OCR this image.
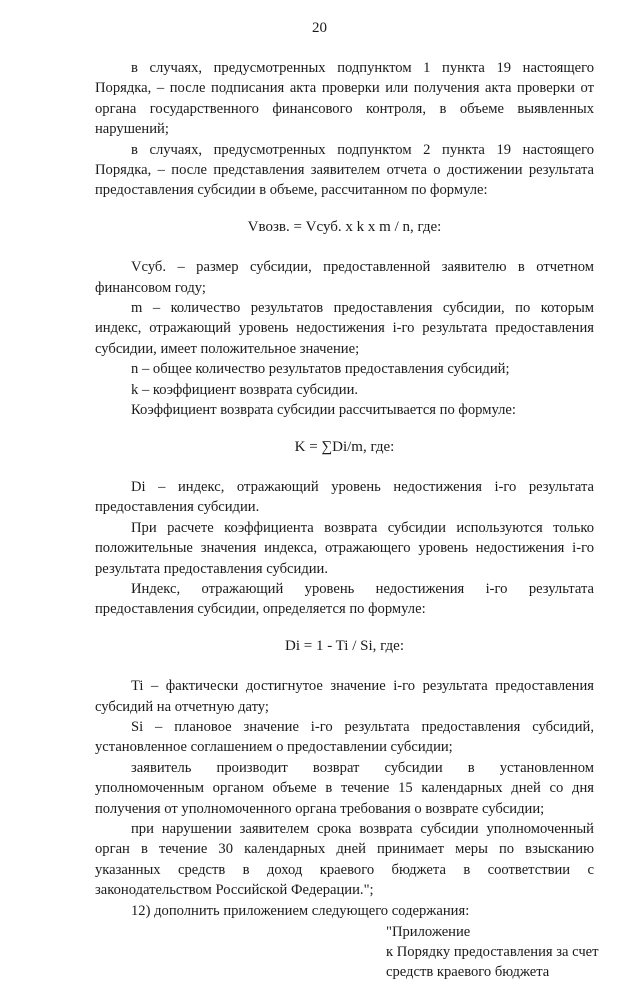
20

в случаях, предусмотренных подпунктом 1 пункта 19 настоящего Порядка, – после подписания акта проверки или получения акта проверки от органа государственного финансового контроля, в объеме выявленных нарушений;

в случаях, предусмотренных подпунктом 2 пункта 19 настоящего Порядка, – после представления заявителем отчета о достижении результата предоставления субсидии в объеме, рассчитанном по формуле:

Vвозв. = Vсуб. x k x m / n, где:

Vсуб. – размер субсидии, предоставленной заявителю в отчетном финансовом году;

m – количество результатов предоставления субсидии, по которым индекс, отражающий уровень недостижения i-го результата предоставления субсидии, имеет положительное значение;

n – общее количество результатов предоставления субсидий;

k – коэффициент возврата субсидии.

Коэффициент возврата субсидии рассчитывается по формуле:

K = ∑Di/m, где:

Di – индекс, отражающий уровень недостижения i-го результата предоставления субсидии.

При расчете коэффициента возврата субсидии используются только положительные значения индекса, отражающего уровень недостижения i-го результата предоставления субсидии.

Индекс, отражающий уровень недостижения i-го результата предоставления субсидии, определяется по формуле:

Di = 1 - Ti / Si, где:

Ti – фактически достигнутое значение i-го результата предоставления субсидий на отчетную дату;

Si – плановое значение i-го результата предоставления субсидий, установленное соглашением о предоставлении субсидии;

заявитель производит возврат субсидии в установленном уполномоченным органом объеме в течение 15 календарных дней со дня получения от уполномоченного органа требования о возврате субсидии;

при нарушении заявителем срока возврата субсидии уполномоченный орган в течение 30 календарных дней принимает меры по взысканию указанных средств в доход краевого бюджета в соответствии с законодательством Российской Федерации.";

12) дополнить приложением следующего содержания:

"Приложение
к Порядку предоставления за счет
средств краевого бюджета
